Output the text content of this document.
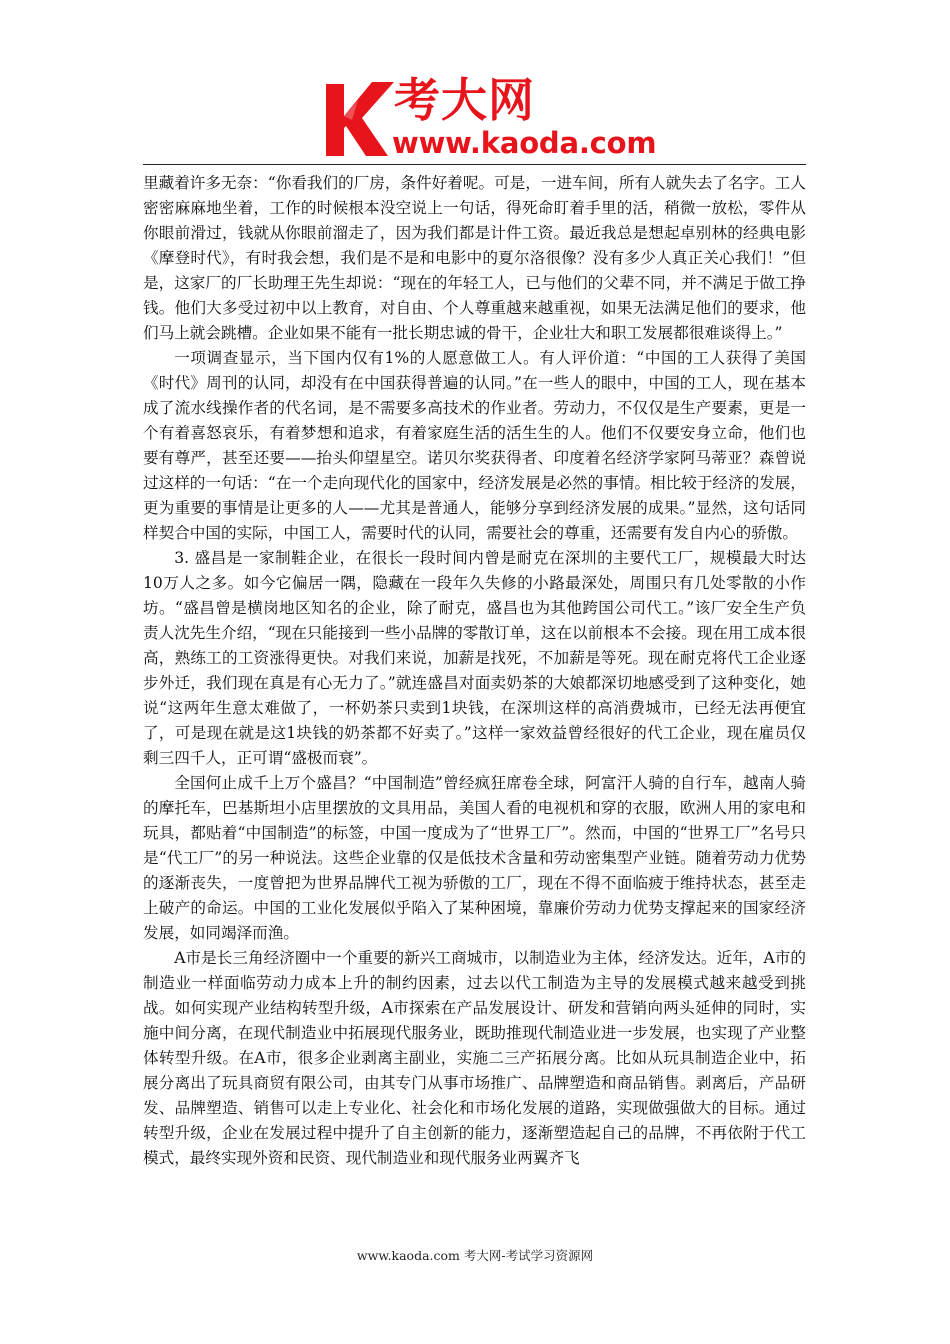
考大网
www.kaoda.com

里藏着许多无奈：“你看我们的厂房，条件好着呢。可是，一进车间，所有人就失去了名字。工人密密麻麻地坐着，工作的时候根本没空说上一句话，得死命盯着手里的活，稍微一放松，零件从你眼前滑过，钱就从你眼前溜走了，因为我们都是计件工资。最近我总是想起卓别林的经典电影《摩登时代》，有时我会想，我们是不是和电影中的夏尔洛很像？没有多少人真正关心我们！”但是，这家厂的厂长助理王先生却说：“现在的年轻工人，已与他们的父辈不同，并不满足于做工挣钱。他们大多受过初中以上教育，对自由、个人尊重越来越重视，如果无法满足他们的要求，他们马上就会跳槽。企业如果不能有一批长期忠诚的骨干，企业壮大和职工发展都很难谈得上。”

一项调查显示，当下国内仅有1%的人愿意做工人。有人评价道：“中国的工人获得了美国《时代》周刊的认同，却没有在中国获得普遍的认同。”在一些人的眼中，中国的工人，现在基本成了流水线操作者的代名词，是不需要多高技术的作业者。劳动力，不仅仅是生产要素，更是一个有着喜怒哀乐，有着梦想和追求，有着家庭生活的活生生的人。他们不仅要安身立命，他们也要有尊严，甚至还要——抬头仰望星空。诺贝尔奖获得者、印度着名经济学家阿马蒂亚？森曾说过这样的一句话：“在一个走向现代化的国家中，经济发展是必然的事情。相比较于经济的发展，更为重要的事情是让更多的人——尤其是普通人，能够分享到经济发展的成果。”显然，这句话同样契合中国的实际，中国工人，需要时代的认同，需要社会的尊重，还需要有发自内心的骄傲。

3. 盛昌是一家制鞋企业，在很长一段时间内曾是耐克在深圳的主要代工厂，规模最大时达10万人之多。如今它偏居一隅，隐藏在一段年久失修的小路最深处，周围只有几处零散的小作坊。“盛昌曾是横岗地区知名的企业，除了耐克，盛昌也为其他跨国公司代工。”该厂安全生产负责人沈先生介绍，“现在只能接到一些小品牌的零散订单，这在以前根本不会接。现在用工成本很高，熟练工的工资涨得更快。对我们来说，加薪是找死，不加薪是等死。现在耐克将代工企业逐步外迁，我们现在真是有心无力了。”就连盛昌对面卖奶茶的大娘都深切地感受到了这种变化，她说“这两年生意太难做了，一杯奶茶只卖到1块钱，在深圳这样的高消费城市，已经无法再便宜了，可是现在就是这1块钱的奶茶都不好卖了。”这样一家效益曾经很好的代工企业，现在雇员仅剩三四千人，正可谓“盛极而衰”。

全国何止成千上万个盛昌？“中国制造”曾经疯狂席卷全球，阿富汗人骑的自行车，越南人骑的摩托车，巴基斯坦小店里摆放的文具用品，美国人看的电视机和穿的衣服，欧洲人用的家电和玩具，都贴着“中国制造”的标签，中国一度成为了“世界工厂”。然而，中国的“世界工厂”名号只是“代工厂”的另一种说法。这些企业靠的仅是低技术含量和劳动密集型产业链。随着劳动力优势的逐渐丧失，一度曾把为世界品牌代工视为骄傲的工厂，现在不得不面临疲于维持状态，甚至走上破产的命运。中国的工业化发展似乎陷入了某种困境，靠廉价劳动力优势支撑起来的国家经济发展，如同竭泽而渔。

A市是长三角经济圈中一个重要的新兴工商城市，以制造业为主体，经济发达。近年，A市的制造业一样面临劳动力成本上升的制约因素，过去以代工制造为主导的发展模式越来越受到挑战。如何实现产业结构转型升级，A市探索在产品发展设计、研发和营销向两头延伸的同时，实施中间分离，在现代制造业中拓展现代服务业，既助推现代制造业进一步发展，也实现了产业整体转型升级。在A市，很多企业剥离主副业，实施二三产拓展分离。比如从玩具制造企业中，拓展分离出了玩具商贸有限公司，由其专门从事市场推广、品牌塑造和商品销售。剥离后，产品研发、品牌塑造、销售可以走上专业化、社会化和市场化发展的道路，实现做强做大的目标。通过转型升级，企业在发展过程中提升了自主创新的能力，逐渐塑造起自己的品牌，不再依附于代工模式，最终实现外资和民资、现代制造业和现代服务业两翼齐飞

www.kaoda.com 考大网-考试学习资源网
